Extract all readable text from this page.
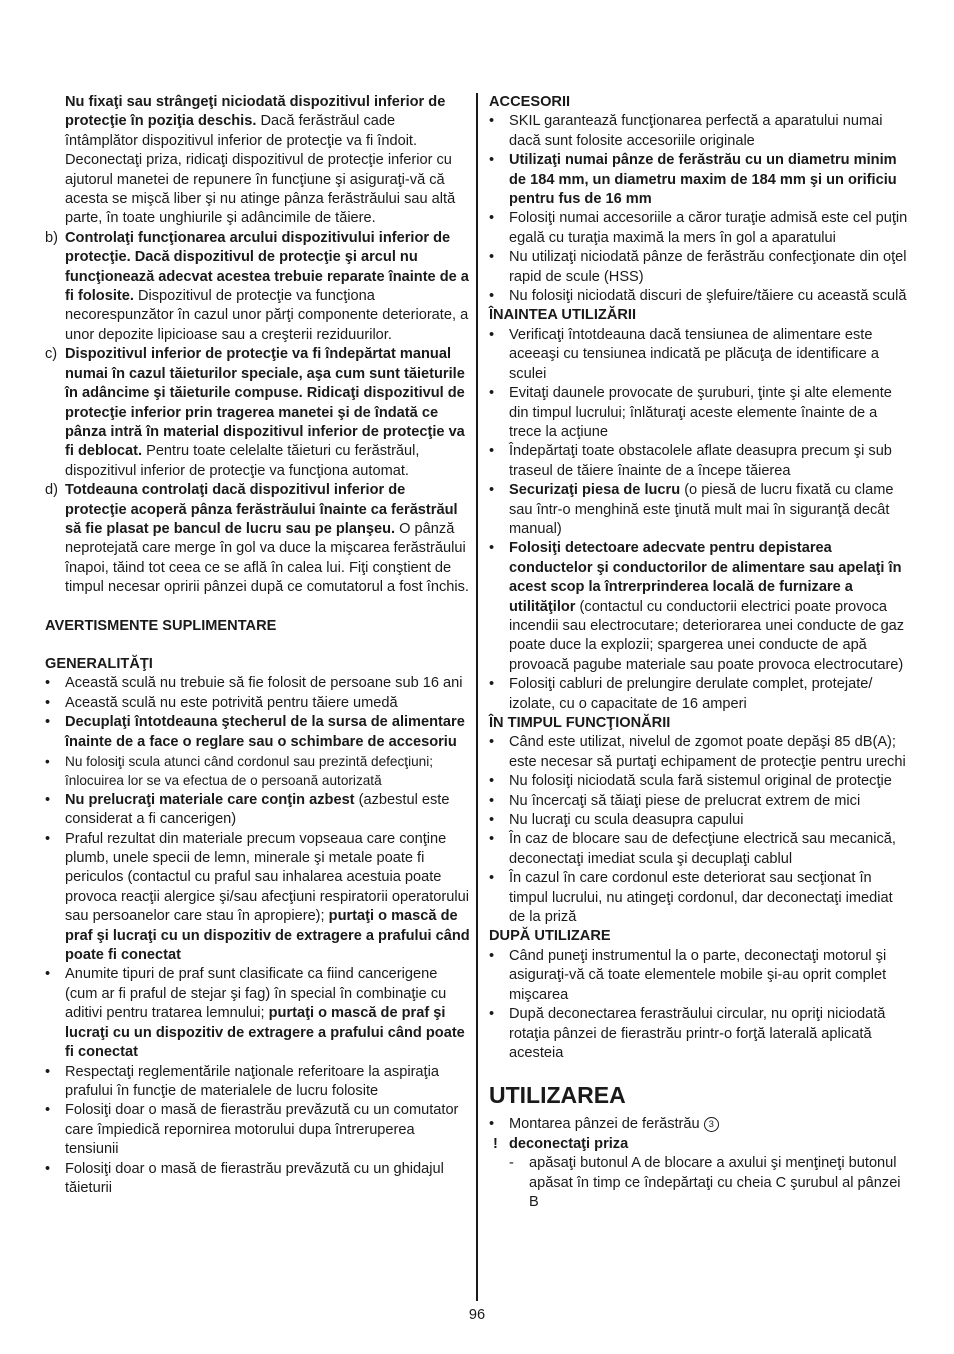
Nu fixaţi sau strângeţi niciodată dispozitivul inferior de protecţie în poziţia deschis. Dacă ferăstrăul cade întâmplător dispozitivul inferior de protecţie va fi îndoit. Deconectaţi priza, ridicaţi dispozitivul de protecţie inferior cu ajutorul manetei de repunere în funcţiune şi asiguraţi-vă că acesta se mişcă liber şi nu atinge pânza ferăstrăului sau altă parte, în toate unghiurile şi adâncimile de tăiere.
b) Controlaţi funcţionarea arcului dispozitivului inferior de protecţie. Dacă dispozitivul de protecţie şi arcul nu funcţionează adecvat acestea trebuie reparate înainte de a fi folosite. Dispozitivul de protecţie va funcţiona necorespunzător în cazul unor părţi componente deteriorate, a unor depozite lipicioase sau a creşterii reziduurilor.
c) Dispozitivul inferior de protecţie va fi îndepărtat manual numai în cazul tăieturilor speciale, aşa cum sunt tăieturile în adâncime şi tăieturile compuse. Ridicaţi dispozitivul de protecţie inferior prin tragerea manetei şi de îndată ce pânza intră în material dispozitivul inferior de protecţie va fi deblocat. Pentru toate celelalte tăieturi cu ferăstrăul, dispozitivul inferior de protecţie va funcţiona automat.
d) Totdeauna controlaţi dacă dispozitivul inferior de protecţie acoperă pânza ferăstrăului înainte ca ferăstrăul să fie plasat pe bancul de lucru sau pe planşeu. O pânză neprotejată care merge în gol va duce la mişcarea ferăstrăului înapoi, tăind tot ceea ce se află în calea lui. Fiţi conştient de timpul necesar opririi pânzei după ce comutatorul a fost închis.
AVERTISMENTE SUPLIMENTARE
GENERALITĂŢI
•	Această sculă nu trebuie să fie folosit de persoane sub 16 ani
•	Această sculă nu este potrivită pentru tăiere umedă
•	Decuplaţi întotdeauna ştecherul de la sursa de alimentare înainte de a face o reglare sau o schimbare de accesoriu
•	Nu folosiţi scula atunci când cordonul sau prezintă defecţiuni; înlocuirea lor se va efectua de o persoană autorizată
•	Nu prelucraţi materiale care conţin azbest (azbestul este considerat a fi cancerigen)
•	Praful rezultat din materiale precum vopseaua care conţine plumb, unele specii de lemn, minerale şi metale poate fi periculos (contactul cu praful sau inhalarea acestuia poate provoca reacţii alergice şi/sau afecţiuni respiratorii operatorului sau persoanelor care stau în apropiere); purtaţi o mască de praf şi lucraţi cu un dispozitiv de extragere a prafului când poate fi conectat
•	Anumite tipuri de praf sunt clasificate ca fiind cancerigene (cum ar fi praful de stejar şi fag) în special în combinaţie cu aditivi pentru tratarea lemnului; purtaţi o mască de praf şi lucraţi cu un dispozitiv de extragere a prafului când poate fi conectat
•	Respectaţi reglementările naţionale referitoare la aspiraţia prafului în funcţie de materialele de lucru folosite
•	Folosiţi doar o masă de fierastrău prevăzută cu un comutator care împiedică repornirea motorului dupa întreruperea tensiunii
•	Folosiţi doar o masă de fierastrău prevăzută cu un ghidajul tăieturii
ACCESORII
•	SKIL garantează funcţionarea perfectă a aparatului numai dacă sunt folosite accesoriile originale
•	Utilizaţi numai pânze de ferăstrău cu un diametru minim de 184 mm, un diametru maxim de 184 mm şi un orificiu pentru fus de 16 mm
•	Folosiţi numai accesoriile a căror turaţie admisă este cel puţin egală cu turaţia maximă la mers în gol a aparatului
•	Nu utilizaţi niciodată pânze de ferăstrău confecţionate din oţel rapid de scule (HSS)
•	Nu folosiţi niciodată discuri de şlefuire/tăiere cu această sculă
ÎNAINTEA UTILIZĂRII
•	Verificaţi întotdeauna dacă tensiunea de alimentare este aceeaşi cu tensiunea indicată pe plăcuţa de identificare a sculei
•	Evitaţi daunele provocate de şuruburi, ţinte şi alte elemente din timpul lucrului; înlăturaţi aceste elemente înainte de a trece la acţiune
•	Îndepărtaţi toate obstacolele aflate deasupra precum şi sub traseul de tăiere înainte de a începe tăierea
•	Securizaţi piesa de lucru (o piesă de lucru fixată cu clame sau într-o menghină este ţinută mult mai în siguranţă decât manual)
•	Folosiţi detectoare adecvate pentru depistarea conductelor şi conductorilor de alimentare sau apelaţi în acest scop la întrerprinderea locală de furnizare a utilităţilor (contactul cu conductorii electrici poate provoca incendii sau electrocutare; deteriorarea unei conducte de gaz poate duce la explozii; spargerea unei conducte de apă provoacă pagube materiale sau poate provoca electrocutare)
•	Folosiţi cabluri de prelungire derulate complet, protejate/ izolate, cu o capacitate de 16 amperi
ÎN TIMPUL FUNCŢIONĂRII
•	Când este utilizat, nivelul de zgomot poate depăşi 85 dB(A); este necesar să purtaţi echipament de protecţie pentru urechi
•	Nu folosiţi niciodată scula fară sistemul original de protecţie
•	Nu încercaţi să tăiaţi piese de prelucrat extrem de mici
•	Nu lucraţi cu scula deasupra capului
•	În caz de blocare sau de defecţiune electrică sau mecanică, deconectaţi imediat scula şi decuplaţi cablul
•	În cazul în care cordonul este deteriorat sau secţionat în timpul lucrului, nu atingeţi cordonul, dar deconectaţi imediat de la priză
DUPĂ UTILIZARE
•	Când puneţi instrumentul la o parte, deconectaţi motorul şi asiguraţi-vă că toate elementele mobile şi-au oprit complet mişcarea
•	După deconectarea ferastrăului circular, nu opriţi niciodată rotaţia pânzei de fierastrău printr-o forţă laterală aplicată acesteia
UTILIZAREA
•	Montarea pânzei de ferăstrău 3
! deconectaţi priza
- apăsaţi butonul A de blocare a axului şi menţineţi butonul apăsat în timp ce îndepărtaţi cu cheia C şurubul al pânzei B
96
